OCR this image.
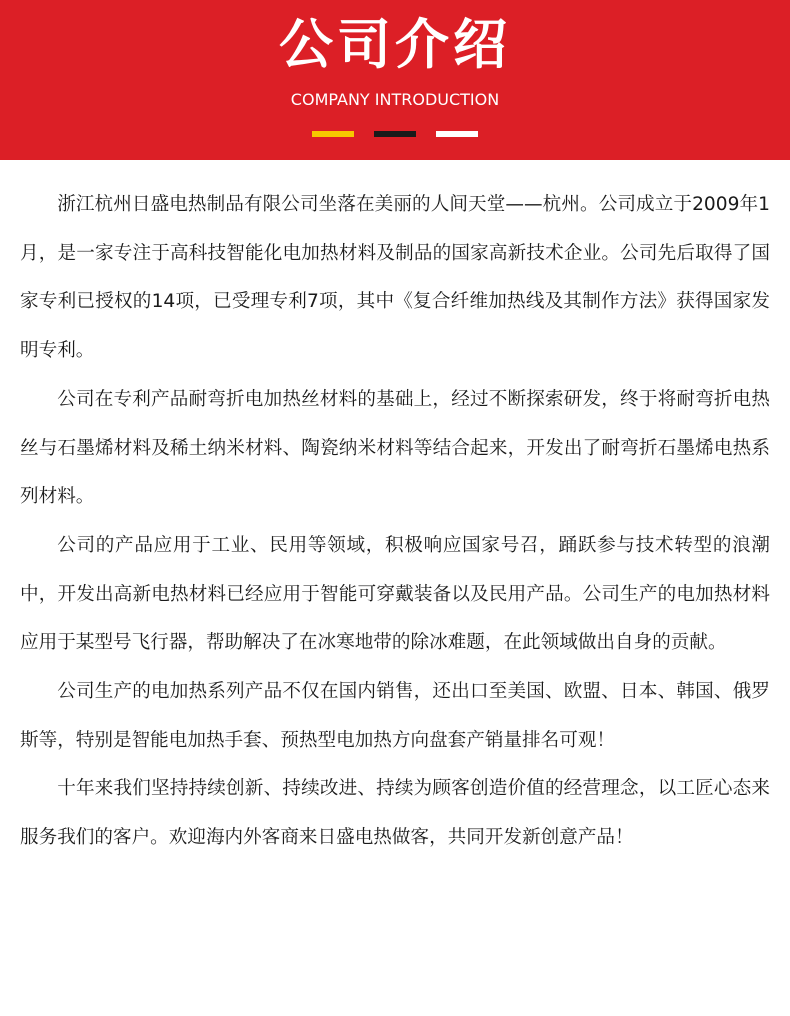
公司介绍
COMPANY INTRODUCTION

浙江杭州日盛电热制品有限公司坐落在美丽的人间天堂——杭州。公司成立于2009年1月，是一家专注于高科技智能化电加热材料及制品的国家高新技术企业。公司先后取得了国家专利已授权的14项，已受理专利7项，其中《复合纤维加热线及其制作方法》获得国家发明专利。

公司在专利产品耐弯折电加热丝材料的基础上，经过不断探索研发，终于将耐弯折电热丝与石墨烯材料及稀土纳米材料、陶瓷纳米材料等结合起来，开发出了耐弯折石墨烯电热系列材料。

公司的产品应用于工业、民用等领域，积极响应国家号召，踊跃参与技术转型的浪潮中，开发出高新电热材料已经应用于智能可穿戴装备以及民用产品。公司生产的电加热材料应用于某型号飞行器，帮助解决了在冰寒地带的除冰难题，在此领域做出自身的贡献。

公司生产的电加热系列产品不仅在国内销售，还出口至美国、欧盟、日本、韩国、俄罗斯等，特别是智能电加热手套、预热型电加热方向盘套产销量排名可观！

十年来我们坚持持续创新、持续改进、持续为顾客创造价值的经营理念，以工匠心态来服务我们的客户。欢迎海内外客商来日盛电热做客，共同开发新创意产品！
